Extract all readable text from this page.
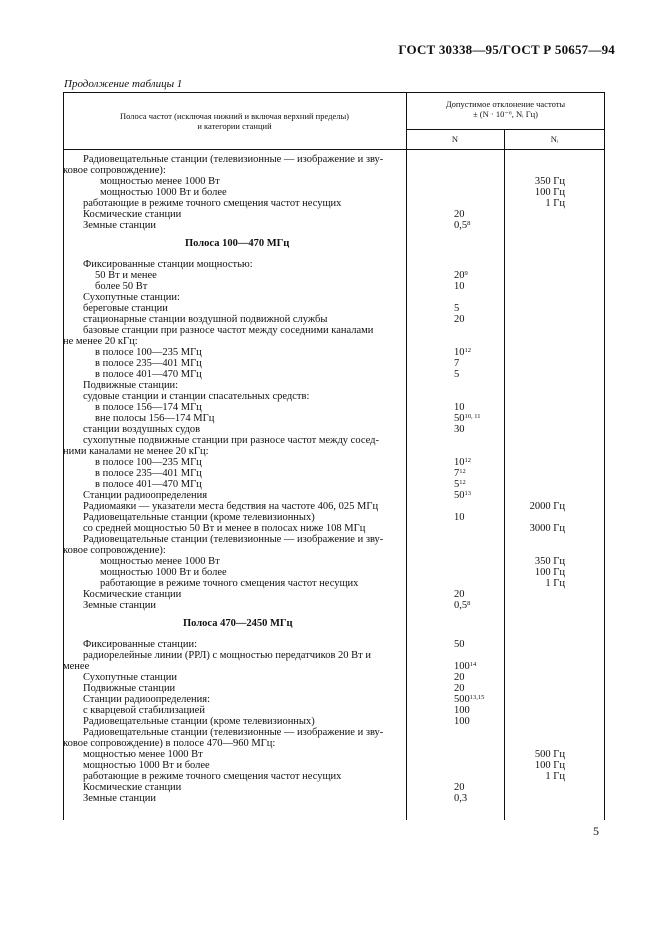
ГОСТ 30338—95/ГОСТ Р 50657—94
Продолжение таблицы 1
Полоса частот (исключая нижний и включая верхний пределы)
и категории станций
Допустимое отклонение частоты
± (N · 10⁻⁶, Nᵢ Гц)
N	Nᵢ
Радиовещательные станции (телевизионные — изображение и зву-
ковое сопровождение):
мощностью менее 1000 Вт	350 Гц
мощностью 1000 Вт и более	100 Гц
работающие в режиме точного смещения частот несущих	1 Гц
Космические станции	20
Земные станции	$0,5^8$
Полоса 100—470 МГц
Фиксированные станции мощностью:
50 Вт и менее	$20^9$
более 50 Вт	10
Сухопутные станции:
береговые станции	5
стационарные станции воздушной подвижной службы	20
базовые станции при разносе частот между соседними каналами
не менее 20 кГц:
в полосе 100—235 МГц	$10^{12}$
в полосе 235—401 МГц	7
в полосе 401—470 МГц	5
Подвижные станции:
судовые станции и станции спасательных средств:
в полосе 156—174 МГц	10
вне полосы 156—174 МГц	50$^{10, 11}$
станции воздушных судов	30
сухопутные подвижные станции при разносе частот между сосед-
ними каналами не менее 20 кГц:
в полосе 100—235 МГц	$10^{12}$
в полосе 235—401 МГц	$7^{12}$
в полосе 401—470 МГц	$5^{12}$
Станции радиоопределения	$50^{13}$
Радиомаяки — указатели места бедствия на частоте 406, 025 МГц	2000 Гц
Радиовещательные станции (кроме телевизионных)	10
со средней мощностью 50 Вт и менее в полосах ниже 108 МГц	3000 Гц
Радиовещательные станции (телевизионные — изображение и зву-
ковое сопровождение):
мощностью менее 1000 Вт	350 Гц
мощностью 1000 Вт и более	100 Гц
работающие в режиме точного смещения частот несущих	1 Гц
Космические станции	20
Земные станции	$0,5^8$
Полоса 470—2450 МГц
Фиксированные станции:	50
радиорелейные линии (РРЛ) с мощностью передатчиков 20 Вт и
менее	$100^{14}$
Сухопутные станции	20
Подвижные станции	20
Станции радиоопределения:	500$^{13,15}$
с кварцевой стабилизацией	100
Радиовещательные станции (кроме телевизионных)	100
Радиовещательные станции (телевизионные — изображение и зву-
ковое сопровождение) в полосе 470—960 МГц:
мощностью менее 1000 Вт	500 Гц
мощностью 1000 Вт и более	100 Гц
работающие в режиме точного смещения частот несущих	1 Гц
Космические станции	20
Земные станции	0,3
5
